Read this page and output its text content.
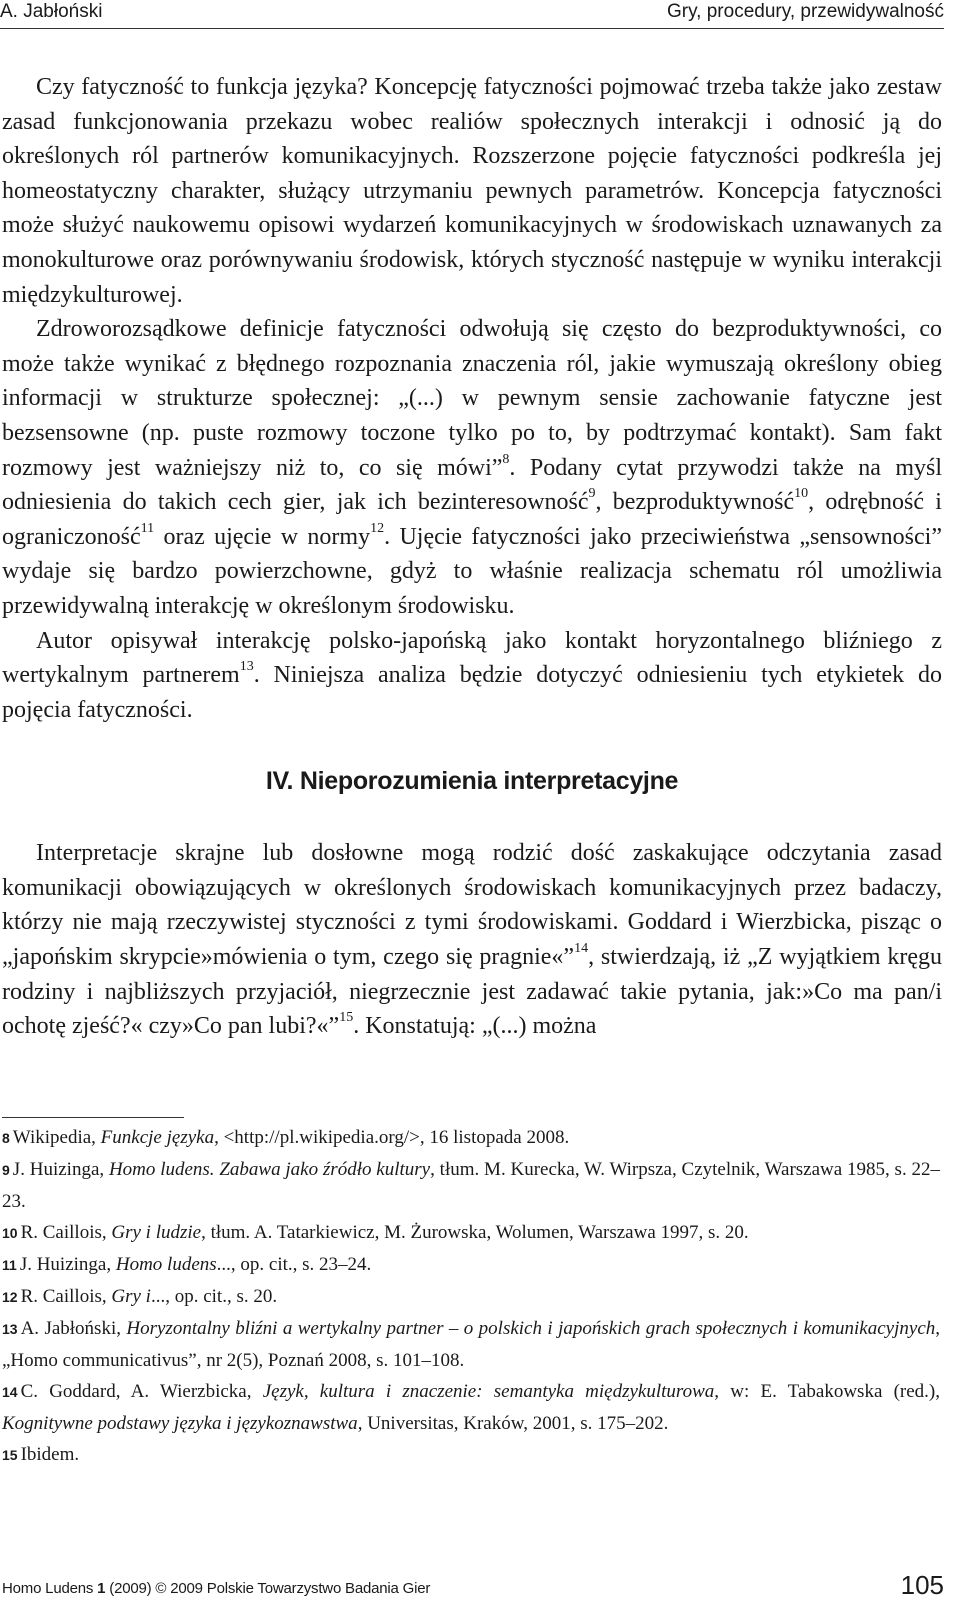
A. Jabłoński	Gry, procedury, przewidywalność

Czy fatyczność to funkcja języka? Koncepcję fatyczności pojmować trzeba także jako zestaw zasad funkcjonowania przekazu wobec realiów społecznych interakcji i odnosić ją do określonych ról partnerów komunikacyjnych. Rozszerzone pojęcie fatyczności podkreśla jej homeostatyczny charakter, służący utrzymaniu pewnych parametrów. Koncepcja fatyczności może służyć naukowemu opisowi wydarzeń komunikacyjnych w środowiskach uznawanych za monokulturowe oraz porównywaniu środowisk, których styczność następuje w wyniku interakcji międzykulturowej.

Zdroworozsądkowe definicje fatyczności odwołują się często do bezproduktywności, co może także wynikać z błędnego rozpoznania znaczenia ról, jakie wymuszają określony obieg informacji w strukturze społecznej: „(...) w pewnym sensie zachowanie fatyczne jest bezsensowne (np. puste rozmowy toczone tylko po to, by podtrzymać kontakt). Sam fakt rozmowy jest ważniejszy niż to, co się mówi”$^8$. Podany cytat przywodzi także na myśl odniesienia do takich cech gier, jak ich bezinteresowność$^9$, bezproduktywność$^{10}$, odrębność i ograniczoność$^{11}$ oraz ujęcie w normy$^{12}$. Ujęcie fatyczności jako przeciwieństwa „sensowności” wydaje się bardzo powierzchowne, gdyż to właśnie realizacja schematu ról umożliwia przewidywalną interakcję w określonym środowisku.

Autor opisywał interakcję polsko-japońską jako kontakt horyzontalnego bliźniego z wertykalnym partnerem$^{13}$. Niniejsza analiza będzie dotyczyć odniesieniu tych etykietek do pojęcia fatyczności.

IV. Nieporozumienia interpretacyjne

Interpretacje skrajne lub dosłowne mogą rodzić dość zaskakujące odczytania zasad komunikacji obowiązujących w określonych środowiskach komunikacyjnych przez badaczy, którzy nie mają rzeczywistej styczności z tymi środowiskami. Goddard i Wierzbicka, pisząc o „japońskim skrypcie»mówienia o tym, czego się pragnie«”$^{14}$, stwierdzają, iż „Z wyjątkiem kręgu rodziny i najbliższych przyjaciół, niegrzecznie jest zadawać takie pytania, jak:»Co ma pan/i ochotę zjeść?« czy»Co pan lubi?«”$^{15}$. Konstatują: „(...) można

8 Wikipedia, Funkcje języka, <http://pl.wikipedia.org/>, 16 listopada 2008.
9 J. Huizinga, Homo ludens. Zabawa jako źródło kultury, tłum. M. Kurecka, W. Wirpsza, Czytelnik, Warszawa 1985, s. 22–23.
10 R. Caillois, Gry i ludzie, tłum. A. Tatarkiewicz, M. Żurowska, Wolumen, Warszawa 1997, s. 20.
11 J. Huizinga, Homo ludens..., op. cit., s. 23–24.
12 R. Caillois, Gry i..., op. cit., s. 20.
13 A. Jabłoński, Horyzontalny bliźni a wertykalny partner – o polskich i japońskich grach społecznych i komunikacyjnych, „Homo communicativus”, nr 2(5), Poznań 2008, s. 101–108.
14 C. Goddard, A. Wierzbicka, Język, kultura i znaczenie: semantyka międzykulturowa, w: E. Tabakowska (red.), Kognitywne podstawy języka i językoznawstwa, Universitas, Kraków, 2001, s. 175–202.
15 Ibidem.
Homo Ludens 1 (2009) © 2009 Polskie Towarzystwo Badania Gier	105
